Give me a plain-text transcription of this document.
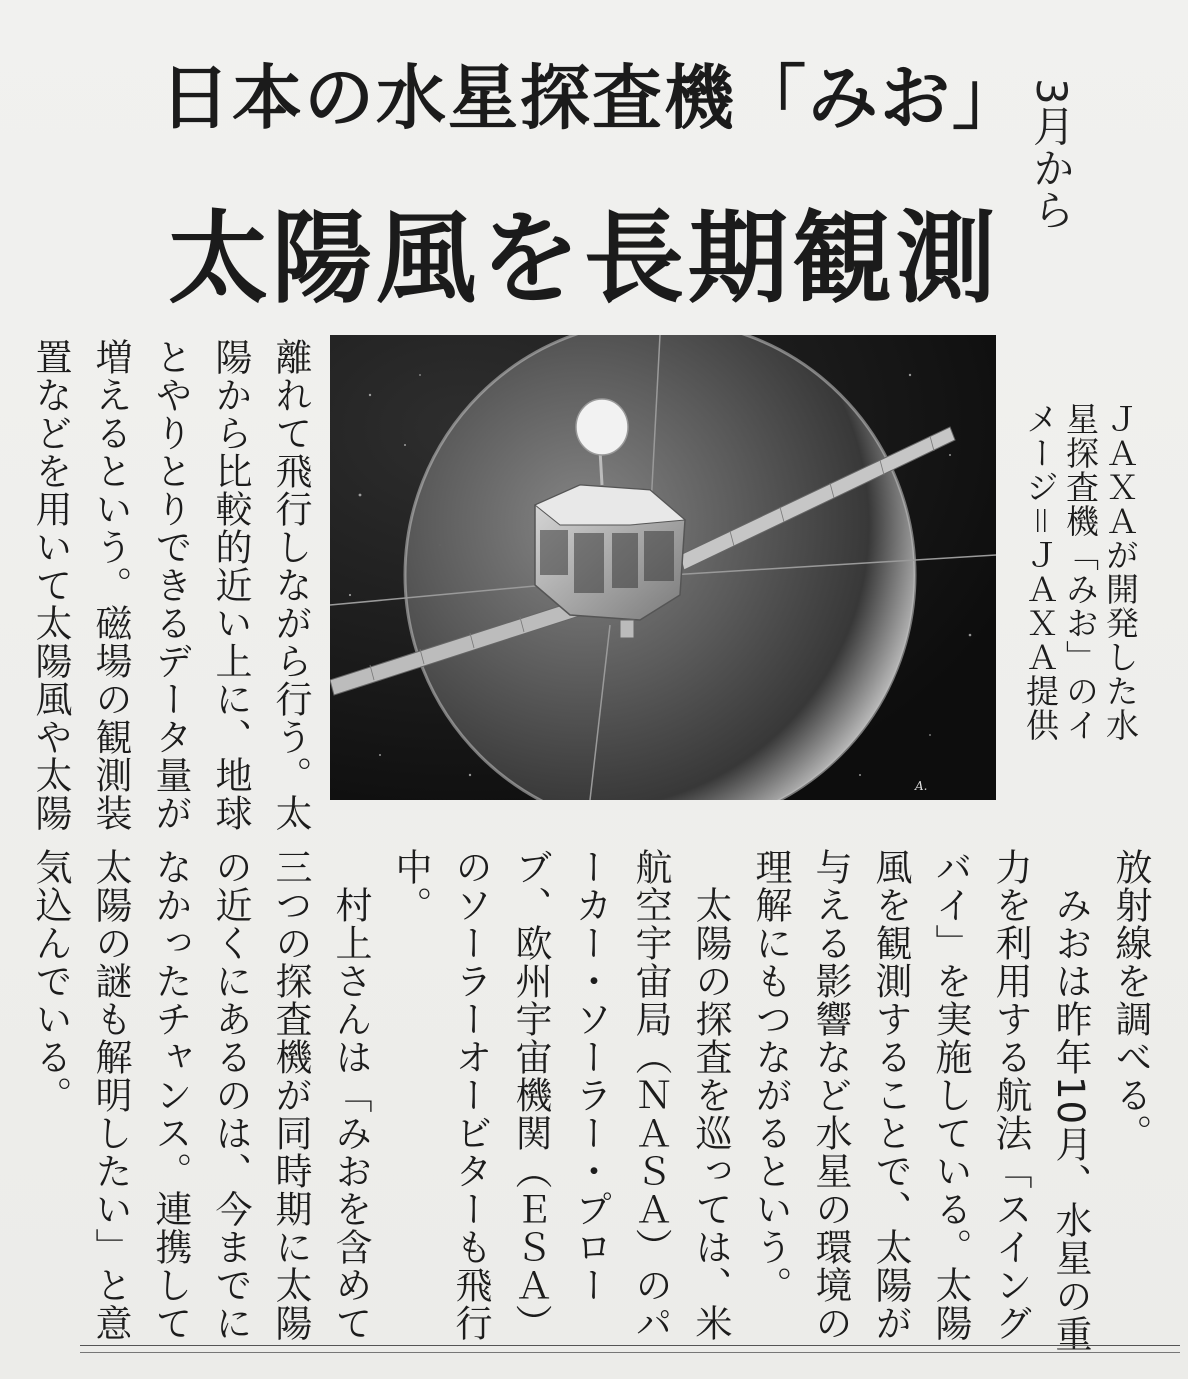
日本の水星探査機「みお」
太陽風を長期観測
3月から
A.
ＪＡＸＡが開発した水
星探査機「みお」のイ
メージ＝ＪＡＸＡ提供
離れて飛行しながら行う。太
陽から比較的近い上に、地球
とやりとりできるデータ量が
増えるという。磁場の観測装
置などを用いて太陽風や太陽
放射線を調べる。
　みおは昨年10月、水星の重
力を利用する航法「スイング
バイ」を実施している。太陽
風を観測することで、太陽が
与える影響など水星の環境の
理解にもつながるという。
　太陽の探査を巡っては、米
航空宇宙局（ＮＡＳＡ）のパ
ーカー・ソーラー・プロー
ブ、欧州宇宙機関（ＥＳＡ）
のソーラーオービターも飛行
中。
　村上さんは「みおを含めて
三つの探査機が同時期に太陽
の近くにあるのは、今までに
なかったチャンス。連携して
太陽の謎も解明したい」と意
気込んでいる。
